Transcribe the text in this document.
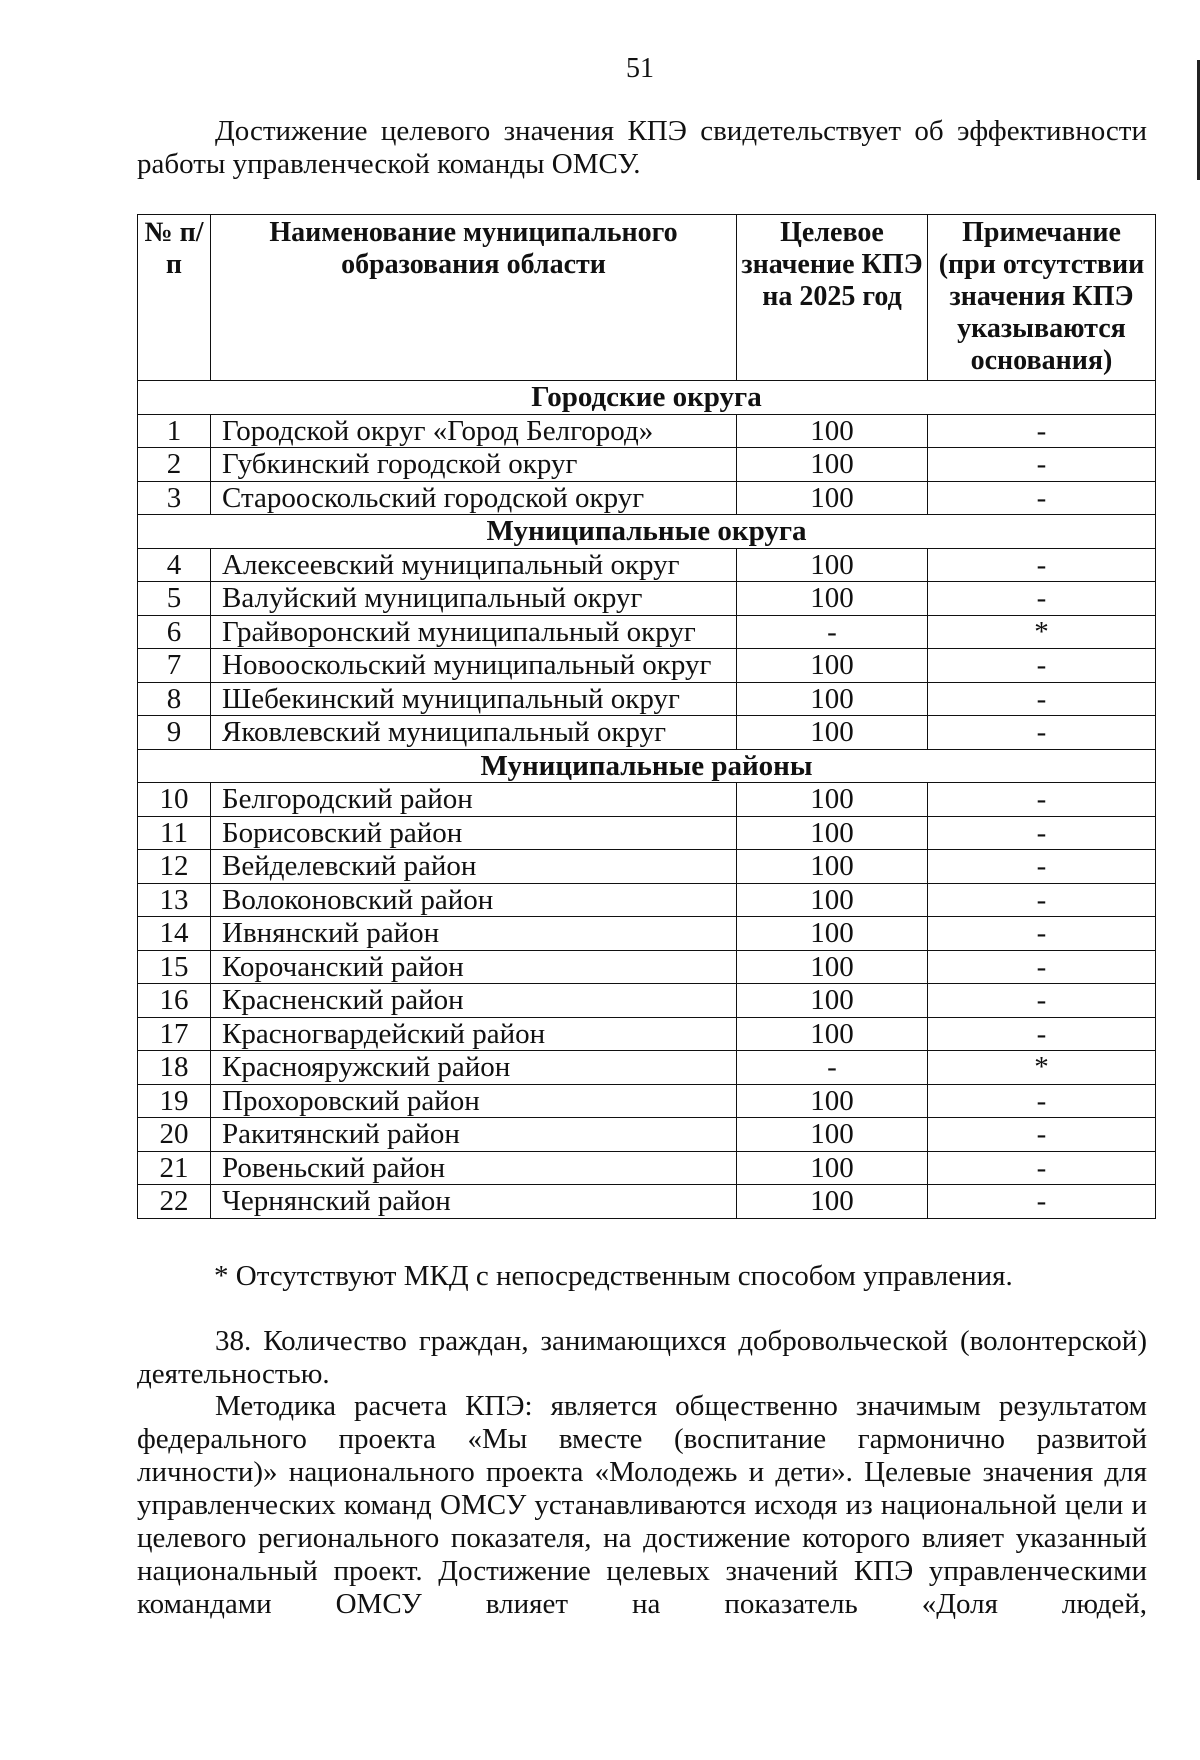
51
Достижение целевого значения КПЭ свидетельствует об эффективности работы управленческой команды ОМСУ.
№ п/п	Наименование муниципального образования области	Целевое значение КПЭ на 2025 год	Примечание
(при отсутствии значения КПЭ указываются основания)
Городские округа			
1	Городской округ «Город Белгород»	100	-
2	Губкинский городской округ	100	-
3	Старооскольский городской округ	100	-
Муниципальные округа			
4	Алексеевский муниципальный округ	100	-
5	Валуйский муниципальный округ	100	-
6	Грайворонский муниципальный округ	-	*
7	Новооскольский муниципальный округ	100	-
8	Шебекинский муниципальный округ	100	-
9	Яковлевский муниципальный округ	100	-
Муниципальные районы			
10	Белгородский район	100	-
11	Борисовский район	100	-
12	Вейделевский район	100	-
13	Волоконовский район	100	-
14	Ивнянский район	100	-
15	Корочанский район	100	-
16	Красненский район	100	-
17	Красногвардейский район	100	-
18	Краснояружский район	-	*
19	Прохоровский район	100	-
20	Ракитянский район	100	-
21	Ровеньский район	100	-
22	Чернянский район	100	-
* Отсутствуют МКД с непосредственным способом управления.
38. Количество граждан, занимающихся добровольческой (волонтерской) деятельностью.
Методика расчета КПЭ: является общественно значимым результатом федерального проекта «Мы вместе (воспитание гармонично развитой личности)» национального проекта «Молодежь и дети». Целевые значения для управленческих команд ОМСУ устанавливаются исходя из национальной цели и целевого регионального показателя, на достижение которого влияет указанный национальный проект. Достижение целевых значений КПЭ управленческими командами ОМСУ влияет на показатель «Доля людей,
